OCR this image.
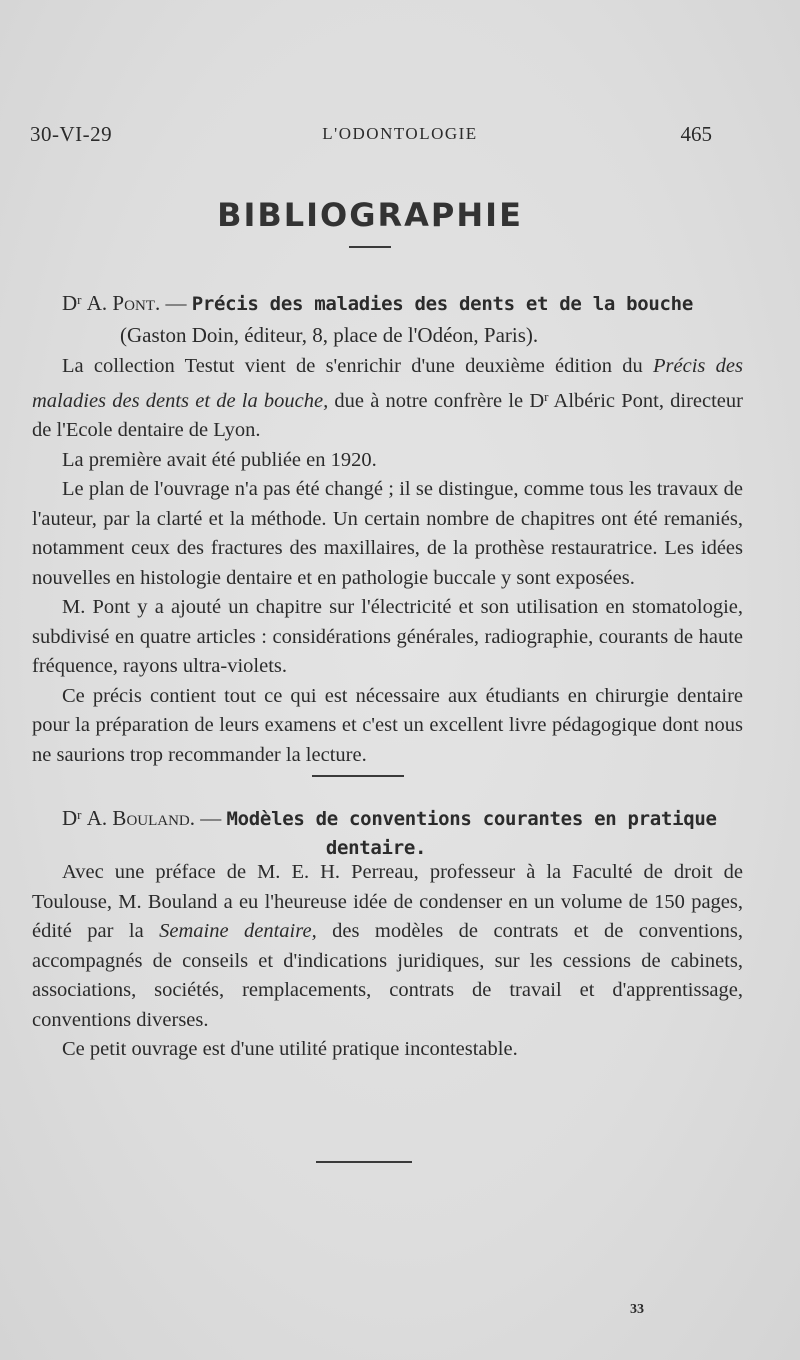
30-VI-29	L'ODONTOLOGIE	465
BIBLIOGRAPHIE
$D^r$ A. Pont. — Précis des maladies des dents et de la bouche
(Gaston Doin, éditeur, 8, place de l'Odéon, Paris).

La collection Testut vient de s'enrichir d'une deuxième édition du Précis des maladies des dents et de la bouche, due à notre confrère le $D^r$ Albéric Pont, directeur de l'Ecole dentaire de Lyon.

La première avait été publiée en 1920.

Le plan de l'ouvrage n'a pas été changé ; il se distingue, comme tous les travaux de l'auteur, par la clarté et la méthode. Un certain nombre de chapitres ont été remaniés, notamment ceux des fractures des maxillaires, de la prothèse restauratrice. Les idées nouvelles en histologie dentaire et en pathologie buccale y sont exposées.

M. Pont y a ajouté un chapitre sur l'électricité et son utilisation en stomatologie, subdivisé en quatre articles : considérations générales, radiographie, courants de haute fréquence, rayons ultra-violets.

Ce précis contient tout ce qui est nécessaire aux étudiants en chirurgie dentaire pour la préparation de leurs examens et c'est un excellent livre pédagogique dont nous ne saurions trop recommander la lecture.

$D^r$ A. Bouland. — Modèles de conventions courantes en pratique
dentaire.

Avec une préface de M. E. H. Perreau, professeur à la Faculté de droit de Toulouse, M. Bouland a eu l'heureuse idée de condenser en un volume de 150 pages, édité par la Semaine dentaire, des modèles de contrats et de conventions, accompagnés de conseils et d'indications juridiques, sur les cessions de cabinets, associations, sociétés, remplacements, contrats de travail et d'apprentissage, conventions diverses.

Ce petit ouvrage est d'une utilité pratique incontestable.

33
